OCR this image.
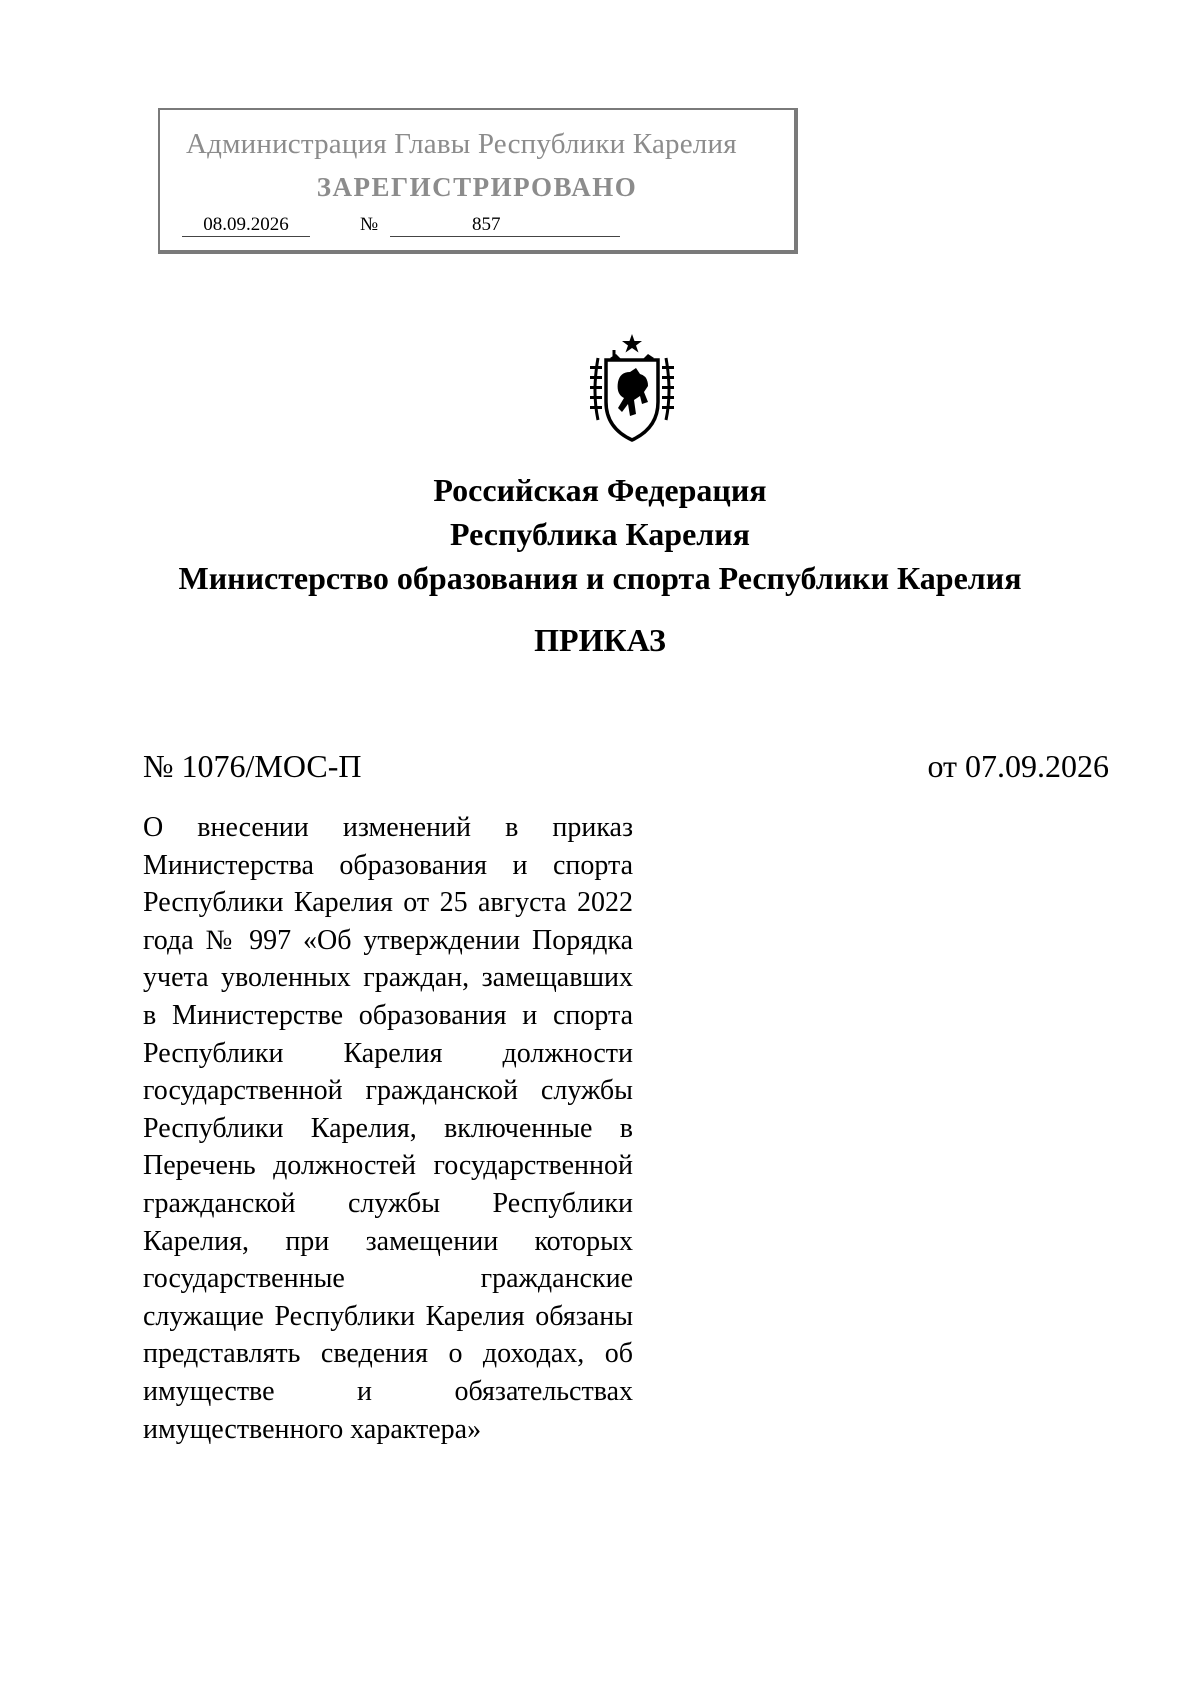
Администрация Главы Республики Карелия
ЗАРЕГИСТРИРОВАНО
08.09.2026	№	857
Российская Федерация
Республика Карелия
Министерство образования и спорта Республики Карелия
ПРИКАЗ
№ 1076/МОС-П	от 07.09.2026
О внесении изменений в приказ
Министерства образования и спорта
Республики Карелия от 25 августа 2022
года № 997 «Об утверждении Порядка
учета уволенных граждан, замещавших
в Министерстве образования и спорта
Республики Карелия должности
государственной гражданской службы
Республики Карелия, включенные в
Перечень должностей государственной
гражданской службы Республики
Карелия, при замещении которых
государственные гражданские
служащие Республики Карелия обязаны
представлять сведения о доходах, об
имуществе и обязательствах
имущественного характера»
